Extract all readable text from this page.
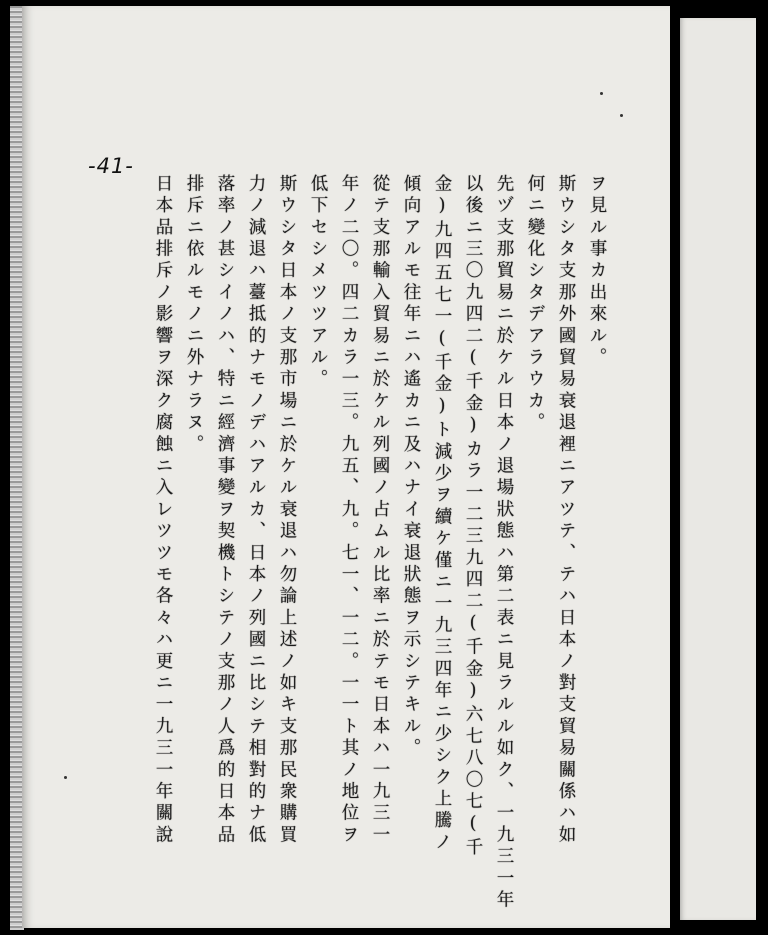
-41-
ヲ見ル事カ出來ル。
斯ウシタ支那外國貿易衰退裡ニアツテ、テハ日本ノ對支貿易關係ハ如
何ニ變化シタデアラウカ。
先ヅ支那貿易ニ於ケル日本ノ退場狀態ハ第二表ニ見ラルル如ク、一九三一年
以後ニ三〇九四二(千金)カラ一二三九四二(千金)六七八〇七(千
金)九四五七一(千金)ト減少ヲ續ケ僅ニ一九三四年ニ少シク上騰ノ
傾向アルモ往年ニハ遙カニ及ハナイ衰退狀態ヲ示シテキル。
從テ支那輸入貿易ニ於ケル列國ノ占ムル比率ニ於テモ日本ハ一九三一
年ノ二〇。四二カラ一三。九五、九。七一、一二。一一ト其ノ地位ヲ
低下セシメツツアル。
斯ウシタ日本ノ支那市場ニ於ケル衰退ハ勿論上述ノ如キ支那民衆購買
力ノ減退ハ薹抵的ナモノデハアルカ、日本ノ列國ニ比シテ相對的ナ低
落率ノ甚シイノハ、特ニ經濟事變ヲ契機トシテノ支那ノ人爲的日本品
排斥ニ依ルモノニ外ナラヌ。
日本品排斥ノ影響ヲ深ク腐蝕ニ入レツツモ各々ハ更ニ一九三一年關說
